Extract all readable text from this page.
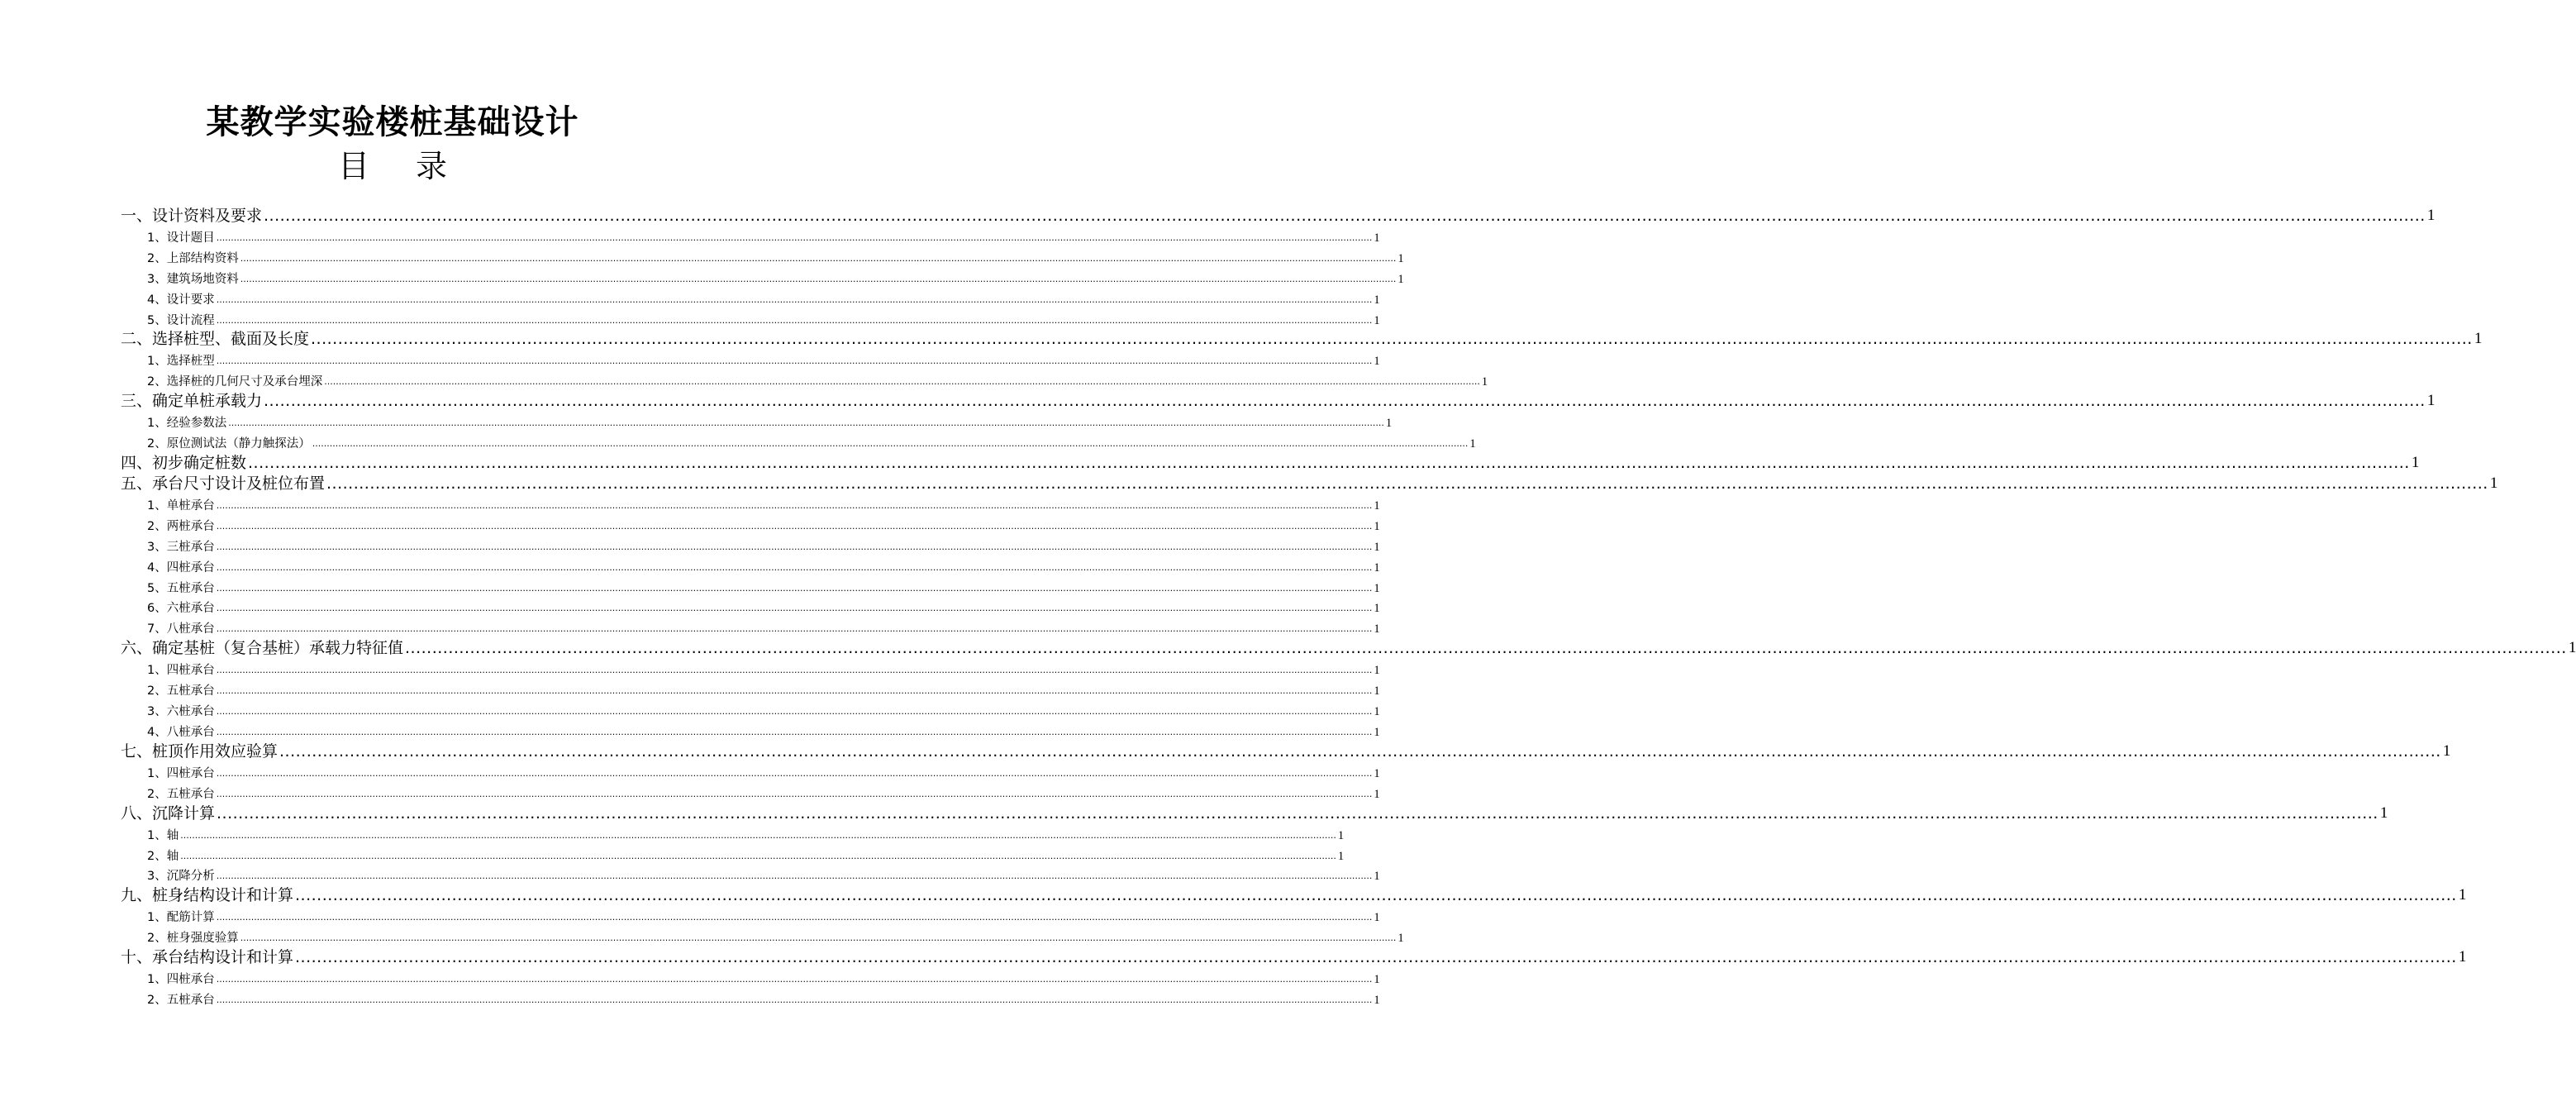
某教学实验楼桩基础设计
目 录
一、设计资料及要求 ................................................................................................................................................................................................................................................................................................................................................................................................................ 1
1、设计题目 ................................................................................................................................................................................................................................................................................................................................................................................................................ 1
2、上部结构资料 ................................................................................................................................................................................................................................................................................................................................................................................................................ 1
3、建筑场地资料 ................................................................................................................................................................................................................................................................................................................................................................................................................ 1
4、设计要求 ................................................................................................................................................................................................................................................................................................................................................................................................................ 1
5、设计流程 ................................................................................................................................................................................................................................................................................................................................................................................................................ 1
二、选择桩型、截面及长度 ................................................................................................................................................................................................................................................................................................................................................................................................................ 1
1、选择桩型 ................................................................................................................................................................................................................................................................................................................................................................................................................ 1
2、选择桩的几何尺寸及承台埋深 ................................................................................................................................................................................................................................................................................................................................................................................................................ 1
三、确定单桩承载力 ................................................................................................................................................................................................................................................................................................................................................................................................................ 1
1、经验参数法 ................................................................................................................................................................................................................................................................................................................................................................................................................ 1
2、原位测试法（静力触探法） ................................................................................................................................................................................................................................................................................................................................................................................................................ 1
四、初步确定桩数 ................................................................................................................................................................................................................................................................................................................................................................................................................ 1
五、承台尺寸设计及桩位布置 ................................................................................................................................................................................................................................................................................................................................................................................................................ 1
1、单桩承台 ................................................................................................................................................................................................................................................................................................................................................................................................................ 1
2、两桩承台 ................................................................................................................................................................................................................................................................................................................................................................................................................ 1
3、三桩承台 ................................................................................................................................................................................................................................................................................................................................................................................................................ 1
4、四桩承台 ................................................................................................................................................................................................................................................................................................................................................................................................................ 1
5、五桩承台 ................................................................................................................................................................................................................................................................................................................................................................................................................ 1
6、六桩承台 ................................................................................................................................................................................................................................................................................................................................................................................................................ 1
7、八桩承台 ................................................................................................................................................................................................................................................................................................................................................................................................................ 1
六、确定基桩（复合基桩）承载力特征值 ................................................................................................................................................................................................................................................................................................................................................................................................................ 1
1、四桩承台 ................................................................................................................................................................................................................................................................................................................................................................................................................ 1
2、五桩承台 ................................................................................................................................................................................................................................................................................................................................................................................................................ 1
3、六桩承台 ................................................................................................................................................................................................................................................................................................................................................................................................................ 1
4、八桩承台 ................................................................................................................................................................................................................................................................................................................................................................................................................ 1
七、桩顶作用效应验算 ................................................................................................................................................................................................................................................................................................................................................................................................................ 1
1、四桩承台 ................................................................................................................................................................................................................................................................................................................................................................................................................ 1
2、五桩承台 ................................................................................................................................................................................................................................................................................................................................................................................................................ 1
八、沉降计算 ................................................................................................................................................................................................................................................................................................................................................................................................................ 1
1、轴 ................................................................................................................................................................................................................................................................................................................................................................................................................ 1
2、轴 ................................................................................................................................................................................................................................................................................................................................................................................................................ 1
3、沉降分析 ................................................................................................................................................................................................................................................................................................................................................................................................................ 1
九、桩身结构设计和计算 ................................................................................................................................................................................................................................................................................................................................................................................................................ 1
1、配筋计算 ................................................................................................................................................................................................................................................................................................................................................................................................................ 1
2、桩身强度验算 ................................................................................................................................................................................................................................................................................................................................................................................................................ 1
十、承台结构设计和计算 ................................................................................................................................................................................................................................................................................................................................................................................................................ 1
1、四桩承台 ................................................................................................................................................................................................................................................................................................................................................................................................................ 1
2、五桩承台 ................................................................................................................................................................................................................................................................................................................................................................................................................ 1
